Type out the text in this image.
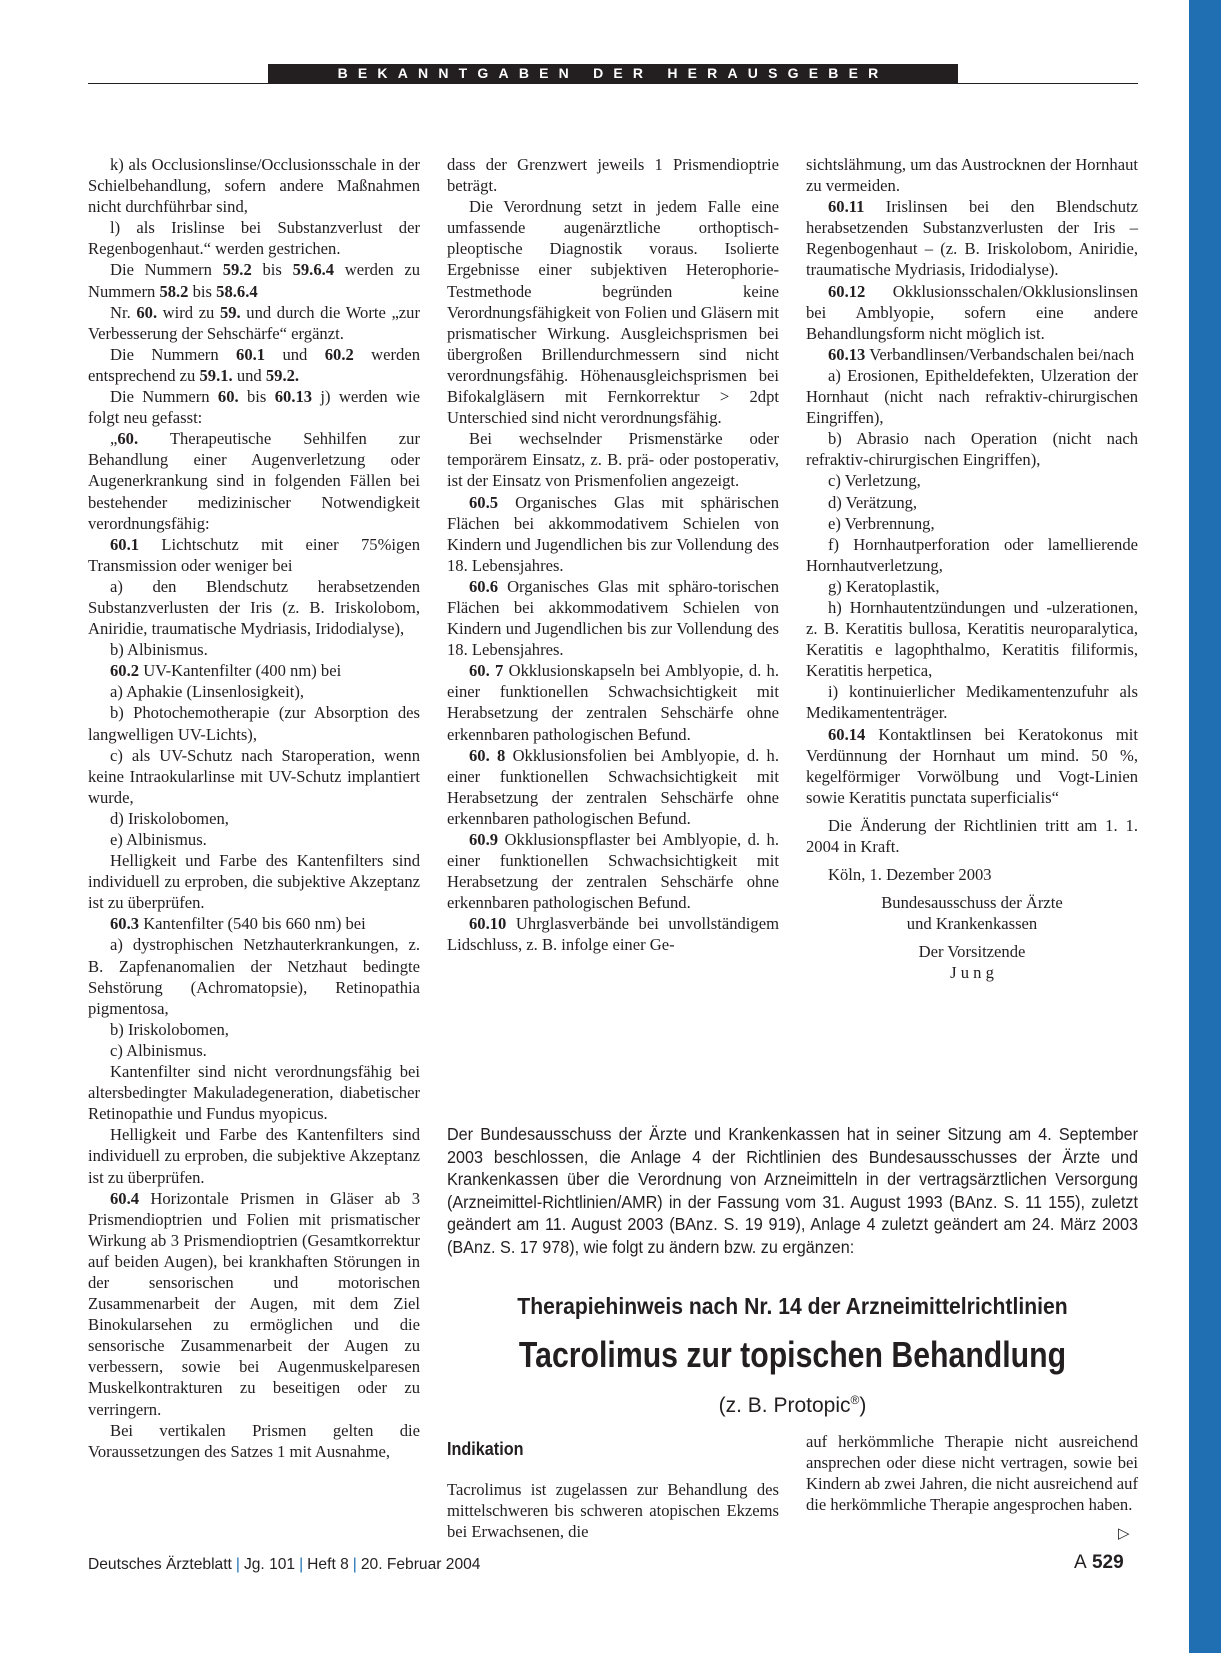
BEKANNTGABEN DER HERAUSGEBER

k) als Occlusionslinse/Occlusionsschale in der Schielbehandlung, sofern andere Maßnahmen nicht durchführbar sind,

l) als Irislinse bei Substanzverlust der Regenbogenhaut.“ werden gestrichen.

Die Nummern 59.2 bis 59.6.4 werden zu Nummern 58.2 bis 58.6.4

Nr. 60. wird zu 59. und durch die Worte „zur Verbesserung der Sehschärfe“ ergänzt.

Die Nummern 60.1 und 60.2 werden entsprechend zu 59.1. und 59.2.

Die Nummern 60. bis 60.13 j) werden wie folgt neu gefasst:

„60. Therapeutische Sehhilfen zur Behandlung einer Augenverletzung oder Augenerkrankung sind in folgenden Fällen bei bestehender medizinischer Notwendigkeit verordnungsfähig:

60.1 Lichtschutz mit einer 75%igen Transmission oder weniger bei

a) den Blendschutz herabsetzenden Substanzverlusten der Iris (z. B. Iriskolobom, Aniridie, traumatische Mydriasis, Iridodialyse),

b) Albinismus.

60.2 UV-Kantenfilter (400 nm) bei

a) Aphakie (Linsenlosigkeit),

b) Photochemotherapie (zur Absorption des langwelligen UV-Lichts),

c) als UV-Schutz nach Staroperation, wenn keine Intraokularlinse mit UV-Schutz implantiert wurde,

d) Iriskolobomen,

e) Albinismus.

Helligkeit und Farbe des Kantenfilters sind individuell zu erproben, die subjektive Akzeptanz ist zu überprüfen.

60.3 Kantenfilter (540 bis 660 nm) bei

a) dystrophischen Netzhauterkrankungen, z. B. Zapfenanomalien der Netzhaut bedingte Sehstörung (Achromatopsie), Retinopathia pigmentosa,

b) Iriskolobomen,

c) Albinismus.

Kantenfilter sind nicht verordnungsfähig bei altersbedingter Makuladegeneration, diabetischer Retinopathie und Fundus myopicus.

Helligkeit und Farbe des Kantenfilters sind individuell zu erproben, die subjektive Akzeptanz ist zu überprüfen.

60.4 Horizontale Prismen in Gläser ab 3 Prismendioptrien und Folien mit prismatischer Wirkung ab 3 Prismendioptrien (Gesamtkorrektur auf beiden Augen), bei krankhaften Störungen in der sensorischen und motorischen Zusammenarbeit der Augen, mit dem Ziel Binokularsehen zu ermöglichen und die sensorische Zusammenarbeit der Augen zu verbessern, sowie bei Augenmuskelparesen Muskelkontrakturen zu beseitigen oder zu verringern.

Bei vertikalen Prismen gelten die Voraussetzungen des Satzes 1 mit Ausnahme,

dass der Grenzwert jeweils 1 Prismendioptrie beträgt.

Die Verordnung setzt in jedem Falle eine umfassende augenärztliche orthoptisch-pleoptische Diagnostik voraus. Isolierte Ergebnisse einer subjektiven Heterophorie-Testmethode begründen keine Verordnungsfähigkeit von Folien und Gläsern mit prismatischer Wirkung. Ausgleichsprismen bei übergroßen Brillendurchmessern sind nicht verordnungsfähig. Höhenausgleichsprismen bei Bifokalgläsern mit Fernkorrektur > 2dpt Unterschied sind nicht verordnungsfähig.

Bei wechselnder Prismenstärke oder temporärem Einsatz, z. B. prä- oder postoperativ, ist der Einsatz von Prismenfolien angezeigt.

60.5 Organisches Glas mit sphärischen Flächen bei akkommodativem Schielen von Kindern und Jugendlichen bis zur Vollendung des 18. Lebensjahres.

60.6 Organisches Glas mit sphäro-torischen Flächen bei akkommodativem Schielen von Kindern und Jugendlichen bis zur Vollendung des 18. Lebensjahres.

60. 7 Okklusionskapseln bei Amblyopie, d. h. einer funktionellen Schwachsichtigkeit mit Herabsetzung der zentralen Sehschärfe ohne erkennbaren pathologischen Befund.

60. 8 Okklusionsfolien bei Amblyopie, d. h. einer funktionellen Schwachsichtigkeit mit Herabsetzung der zentralen Sehschärfe ohne erkennbaren pathologischen Befund.

60.9 Okklusionspflaster bei Amblyopie, d. h. einer funktionellen Schwachsichtigkeit mit Herabsetzung der zentralen Sehschärfe ohne erkennbaren pathologischen Befund.

60.10 Uhrglasverbände bei unvollständigem Lidschluss, z. B. infolge einer Ge-

sichtslähmung, um das Austrocknen der Hornhaut zu vermeiden.

60.11 Irislinsen bei den Blendschutz herabsetzenden Substanzverlusten der Iris – Regenbogenhaut – (z. B. Iriskolobom, Aniridie, traumatische Mydriasis, Iridodialyse).

60.12 Okklusionsschalen/Okklusionslinsen bei Amblyopie, sofern eine andere Behandlungsform nicht möglich ist.

60.13 Verbandlinsen/Verbandschalen bei/nach

a) Erosionen, Epitheldefekten, Ulzeration der Hornhaut (nicht nach refraktiv-chirurgischen Eingriffen),

b) Abrasio nach Operation (nicht nach refraktiv-chirurgischen Eingriffen),

c) Verletzung,

d) Verätzung,

e) Verbrennung,

f) Hornhautperforation oder lamellierende Hornhautverletzung,

g) Keratoplastik,

h) Hornhautentzündungen und -ulzerationen, z. B. Keratitis bullosa, Keratitis neuroparalytica, Keratitis e lagophthalmo, Keratitis filiformis, Keratitis herpetica,

i) kontinuierlicher Medikamentenzufuhr als Medikamententräger.

60.14 Kontaktlinsen bei Keratokonus mit Verdünnung der Hornhaut um mind. 50 %, kegelförmiger Vorwölbung und Vogt-Linien sowie Keratitis punctata superficialis“

Die Änderung der Richtlinien tritt am 1. 1. 2004 in Kraft.

Köln, 1. Dezember 2003

Bundesausschuss der Ärzte

und Krankenkassen

Der Vorsitzende

J u n g

Der Bundesausschuss der Ärzte und Krankenkassen hat in seiner Sitzung am 4. September 2003 beschlossen, die Anlage 4 der Richtlinien des Bundesausschusses der Ärzte und Krankenkassen über die Verordnung von Arzneimitteln in der vertragsärztlichen Versorgung (Arzneimittel-Richtlinien/AMR) in der Fassung vom 31. August 1993 (BAnz. S. 11 155), zuletzt geändert am 11. August 2003 (BAnz. S. 19 919), Anlage 4 zuletzt geändert am 24. März 2003 (BAnz. S. 17 978), wie folgt zu ändern bzw. zu ergänzen:
Therapiehinweis nach Nr. 14 der Arzneimittelrichtlinien
Tacrolimus zur topischen Behandlung
(z. B. Protopic®)
Indikation

Tacrolimus ist zugelassen zur Behandlung des mittelschweren bis schweren atopischen Ekzems bei Erwachsenen, die

auf herkömmliche Therapie nicht ausreichend ansprechen oder diese nicht vertragen, sowie bei Kindern ab zwei Jahren, die nicht ausreichend auf die herkömmliche Therapie angesprochen haben.

▷
Deutsches Ärzteblatt | Jg. 101 | Heft 8 | 20. Februar 2004	A 529
